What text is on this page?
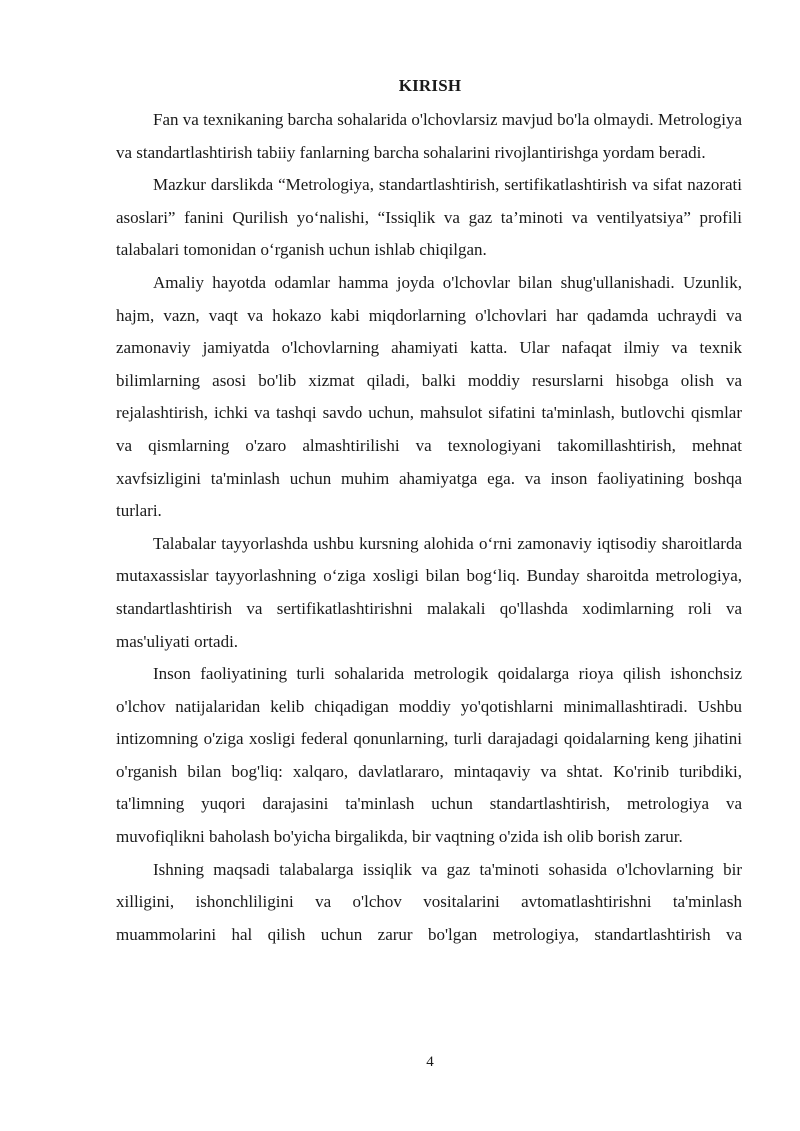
KIRISH

Fan va texnikaning barcha sohalarida o'lchovlarsiz mavjud bo'la olmaydi. Metrologiya va standartlashtirish tabiiy fanlarning barcha sohalarini rivojlantirishga yordam beradi.

Mazkur darslikda “Metrologiya, standartlashtirish, sertifikatlashtirish va sifat nazorati asoslari” fanini Qurilish yo‘nalishi, “Issiqlik va gaz ta’minoti va ventilyatsiya” profili talabalari tomonidan o‘rganish uchun ishlab chiqilgan.

Amaliy hayotda odamlar hamma joyda o'lchovlar bilan shug'ullanishadi. Uzunlik, hajm, vazn, vaqt va hokazo kabi miqdorlarning o'lchovlari har qadamda uchraydi va zamonaviy jamiyatda o'lchovlarning ahamiyati katta. Ular nafaqat ilmiy va texnik bilimlarning asosi bo'lib xizmat qiladi, balki moddiy resurslarni hisobga olish va rejalashtirish, ichki va tashqi savdo uchun, mahsulot sifatini ta'minlash, butlovchi qismlar va qismlarning o'zaro almashtirilishi va texnologiyani takomillashtirish, mehnat xavfsizligini ta'minlash uchun muhim ahamiyatga ega. va inson faoliyatining boshqa turlari.

Talabalar tayyorlashda ushbu kursning alohida o‘rni zamonaviy iqtisodiy sharoitlarda mutaxassislar tayyorlashning o‘ziga xosligi bilan bog‘liq. Bunday sharoitda metrologiya, standartlashtirish va sertifikatlashtirishni malakali qo'llashda xodimlarning roli va mas'uliyati ortadi.

Inson faoliyatining turli sohalarida metrologik qoidalarga rioya qilish ishonchsiz o'lchov natijalaridan kelib chiqadigan moddiy yo'qotishlarni minimallashtiradi. Ushbu intizomning o'ziga xosligi federal qonunlarning, turli darajadagi qoidalarning keng jihatini o'rganish bilan bog'liq: xalqaro, davlatlararo, mintaqaviy va shtat. Ko'rinib turibdiki, ta'limning yuqori darajasini ta'minlash uchun standartlashtirish, metrologiya va muvofiqlikni baholash bo'yicha birgalikda, bir vaqtning o'zida ish olib borish zarur.

Ishning maqsadi talabalarga issiqlik va gaz ta'minoti sohasida o'lchovlarning bir xilligini, ishonchliligini va o'lchov vositalarini avtomatlashtirishni ta'minlash muammolarini hal qilish uchun zarur bo'lgan metrologiya, standartlashtirish va

4
